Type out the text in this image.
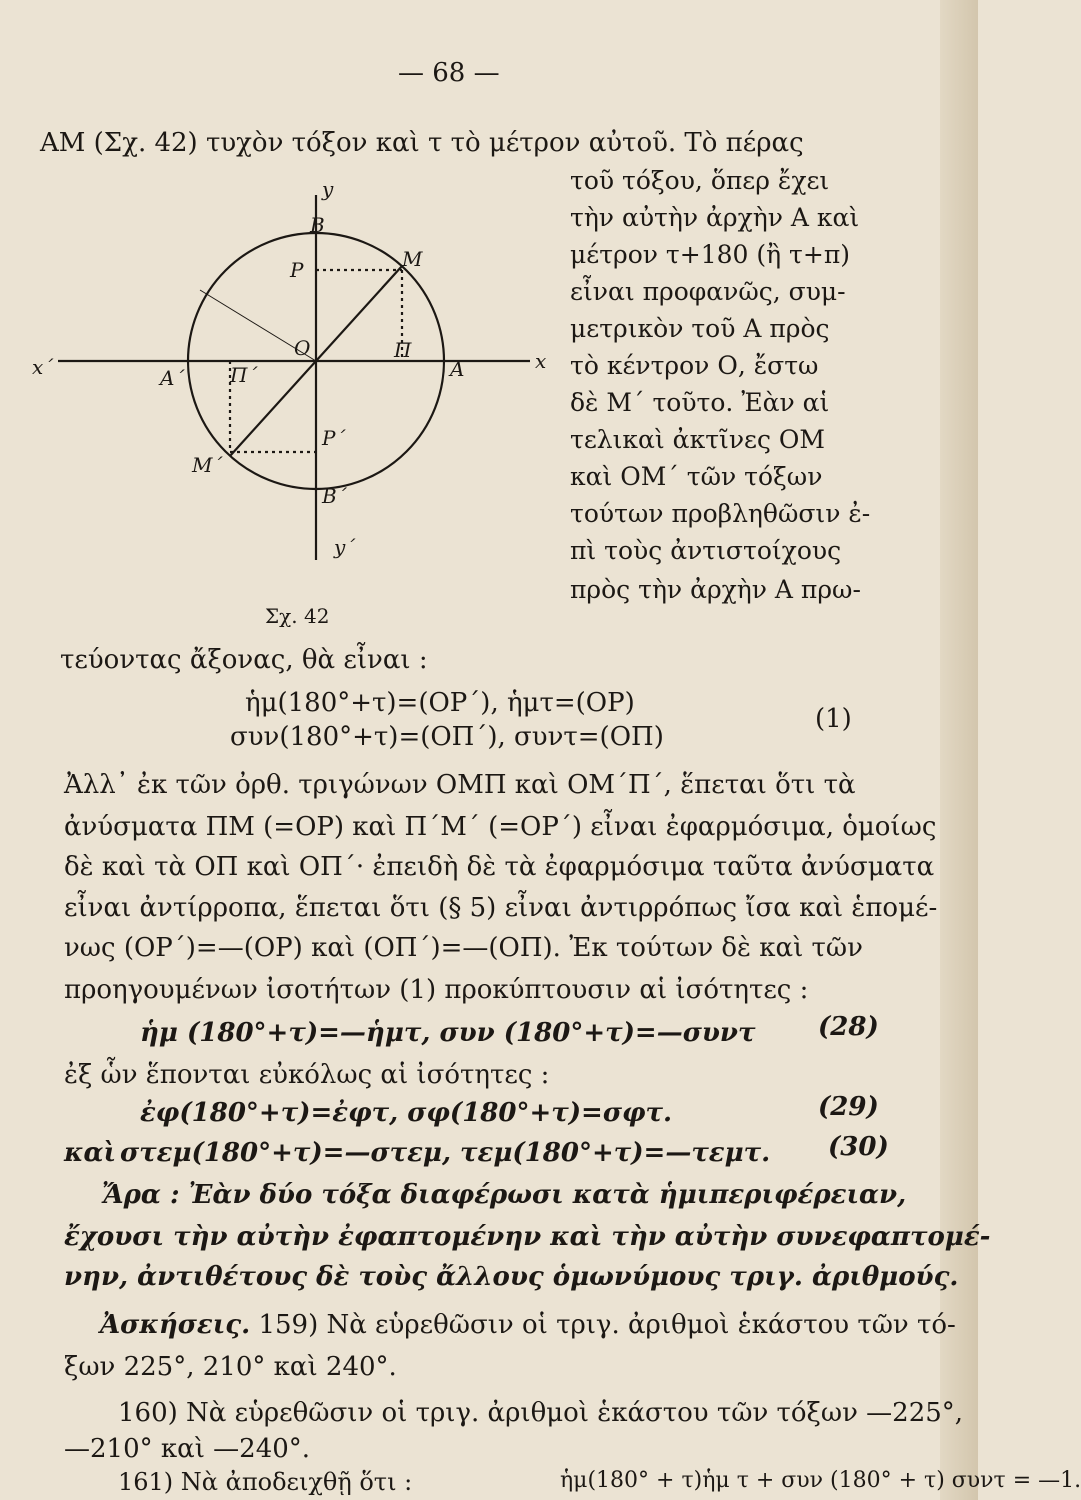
— 68 —
ΑΜ (Σχ. 42) τυχὸν τόξον καὶ τ τὸ μέτρον αὐτοῦ. Τὸ πέρας
y
B
P	M
O
x΄	A΄ Π΄
Π
A	x
P΄
M΄
B΄
y΄
Σχ. 42
τοῦ τόξου, ὅπερ ἔχει
τὴν αὐτὴν ἀρχὴν Α καὶ
μέτρον τ+180 (ἢ τ+π)
εἶναι προφανῶς, συμ-
μετρικὸν τοῦ Α πρὸς
τὸ κέντρον Ο, ἔστω
δὲ Μ΄ τοῦτο. Ἐὰν αἱ
τελικαὶ ἀκτῖνες ΟΜ
καὶ ΟΜ΄ τῶν τόξων
τούτων προβληθῶσιν ἐ-
πὶ τοὺς ἀντιστοίχους
πρὸς τὴν ἀρχὴν Α πρω-
τεύοντας ἄξονας, θὰ εἶναι :
ἡμ(180°+τ)=(ΟΡ΄), ἡμτ=(ΟΡ)
συν(180°+τ)=(ΟΠ΄), συντ=(ΟΠ)
(1)
Ἀλλ᾽ ἐκ τῶν ὀρθ. τριγώνων ΟΜΠ καὶ ΟΜ΄Π΄, ἕπεται ὅτι τὰ
ἀνύσματα ΠΜ (=ΟΡ) καὶ Π΄Μ΄ (=ΟΡ΄) εἶναι ἐφαρμόσιμα, ὁμοίως
δὲ καὶ τὰ ΟΠ καὶ ΟΠ΄· ἐπειδὴ δὲ τὰ ἐφαρμόσιμα ταῦτα ἀνύσματα
εἶναι ἀντίρροπα, ἕπεται ὅτι (§ 5) εἶναι ἀντιρρόπως ἴσα καὶ ἑπομέ-
νως (ΟΡ΄)=—(ΟΡ) καὶ (ΟΠ΄)=—(ΟΠ). Ἐκ τούτων δὲ καὶ τῶν
προηγουμένων ἰσοτήτων (1) προκύπτουσιν αἱ ἰσότητες :
ἡμ (180°+τ)=—ἡμτ, συν (180°+τ)=—συντ (28)
ἐξ ὧν ἕπονται εὐκόλως αἱ ἰσότητες :
ἐφ(180°+τ)=ἐφτ, σφ(180°+τ)=σφτ.	(29)
καὶ στεμ(180°+τ)=—στεμ, τεμ(180°+τ)=—τεμτ. (30)
Ἄρα : Ἐὰν δύο τόξα διαφέρωσι κατὰ ἡμιπεριφέρειαν,
ἔχουσι τὴν αὐτὴν ἐφαπτομένην καὶ τὴν αὐτὴν συνεφαπτομέ-
νην, ἀντιθέτους δὲ τοὺς ἄλλους ὁμωνύμους τριγ. ἀριθμούς.
Ἀσκήσεις. 159) Νὰ εὑρεθῶσιν οἱ τριγ. ἀριθμοὶ ἑκάστου τῶν τό-
ξων 225°, 210° καὶ 240°.
160) Νὰ εὑρεθῶσιν οἱ τριγ. ἀριθμοὶ ἑκάστου τῶν τόξων —225°,
—210° καὶ —240°.
161) Νὰ ἀποδειχθῇ ὅτι :	ἡμ(180° + τ)ἡμ τ + συν (180° + τ) συντ = —1.
